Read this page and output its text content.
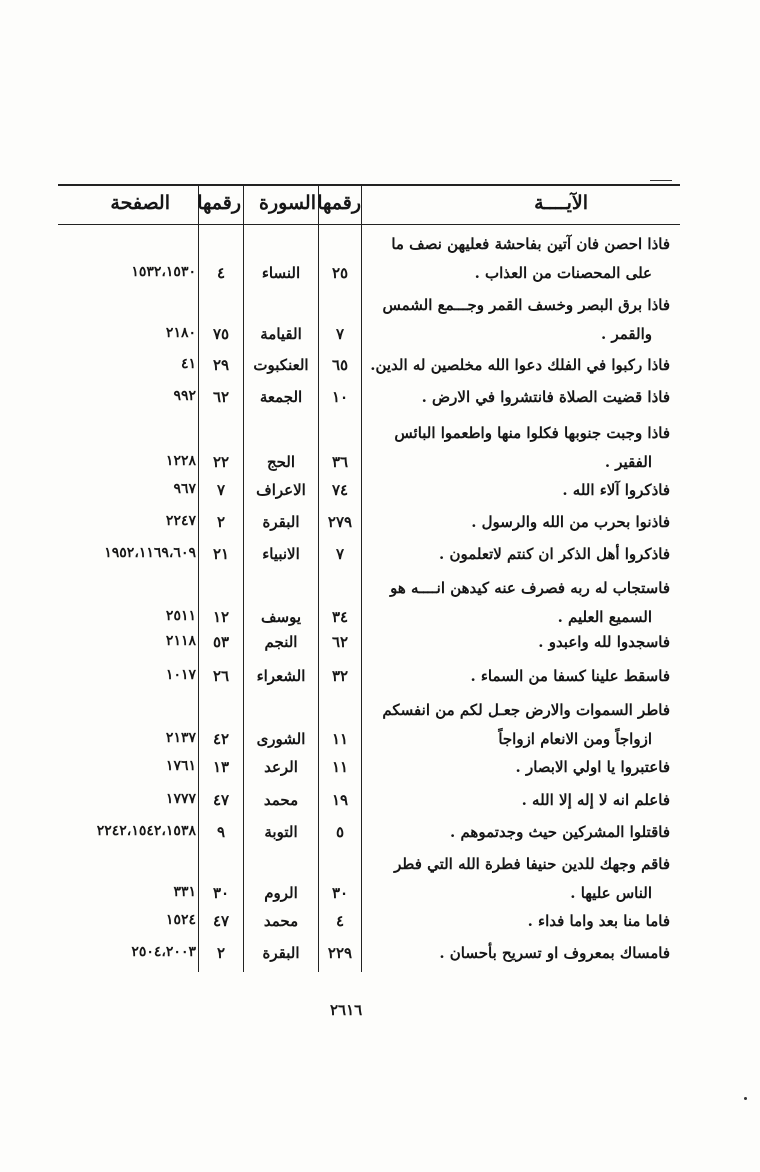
الآيــــة
رقمها
السورة
رقمها
الصفحة
فاذا احصن فان آتين بفاحشة فعليهن نصف ما
على المحصنات من العذاب .
٢٥
النساء
٤
١٥٣٢،١٥٣٠
فاذا برق البصر وخسف القمر وجـــمع الشمس
والقمر .
٧
القيامة
٧٥
٢١٨٠
فاذا ركبوا في الفلك دعوا الله مخلصين له الدين.
٦٥
العنكبوت
٢٩
٤١
فاذا قضيت الصلاة فانتشروا في الارض .
١٠
الجمعة
٦٢
٩٩٢
فاذا وجبت جنوبها فكلوا منها واطعموا البائس
الفقير .
٣٦
الحج
٢٢
١٢٢٨
فاذكروا آلاء الله .
٧٤
الاعراف
٧
٩٦٧
فاذنوا بحرب من الله والرسول .
٢٧٩
البقرة
٢
٢٢٤٧
فاذكروا أهل الذكر ان كنتم لاتعلمون .
٧
الانبياء
٢١
١٩٥٢،١١٦٩،٦٠٩
فاستجاب له ربه فصرف عنه كيدهن انــــه هو
السميع العليم .
٣٤
يوسف
١٢
٢٥١١
فاسجدوا لله واعبدو .
٦٢
النجم
٥٣
٢١١٨
فاسقط علينا كسفا من السماء .
٣٢
الشعراء
٢٦
١٠١٧
فاطر السموات والارض جعـل لكم من انفسكم
ازواجاً ومن الانعام ازواجاً
١١
الشورى
٤٢
٢١٣٧
فاعتبروا يا اولي الابصار .
١١
الرعد
١٣
١٧٦١
فاعلم انه لا إله إلا الله .
١٩
محمد
٤٧
١٧٧٧
فاقتلوا المشركين حيث وجدتموهم .
٥
التوبة
٩
٢٢٤٢،١٥٤٢،١٥٣٨
فاقم وجهك للدين حنيفا فطرة الله التي فطر
الناس عليها .
٣٠
الروم
٣٠
٣٣١
فاما منا بعد واما فداء .
٤
محمد
٤٧
١٥٢٤
فامساك بمعروف او تسريح بأحسان .
٢٢٩
البقرة
٢
٢٥٠٤،٢٠٠٣
٢٦١٦
